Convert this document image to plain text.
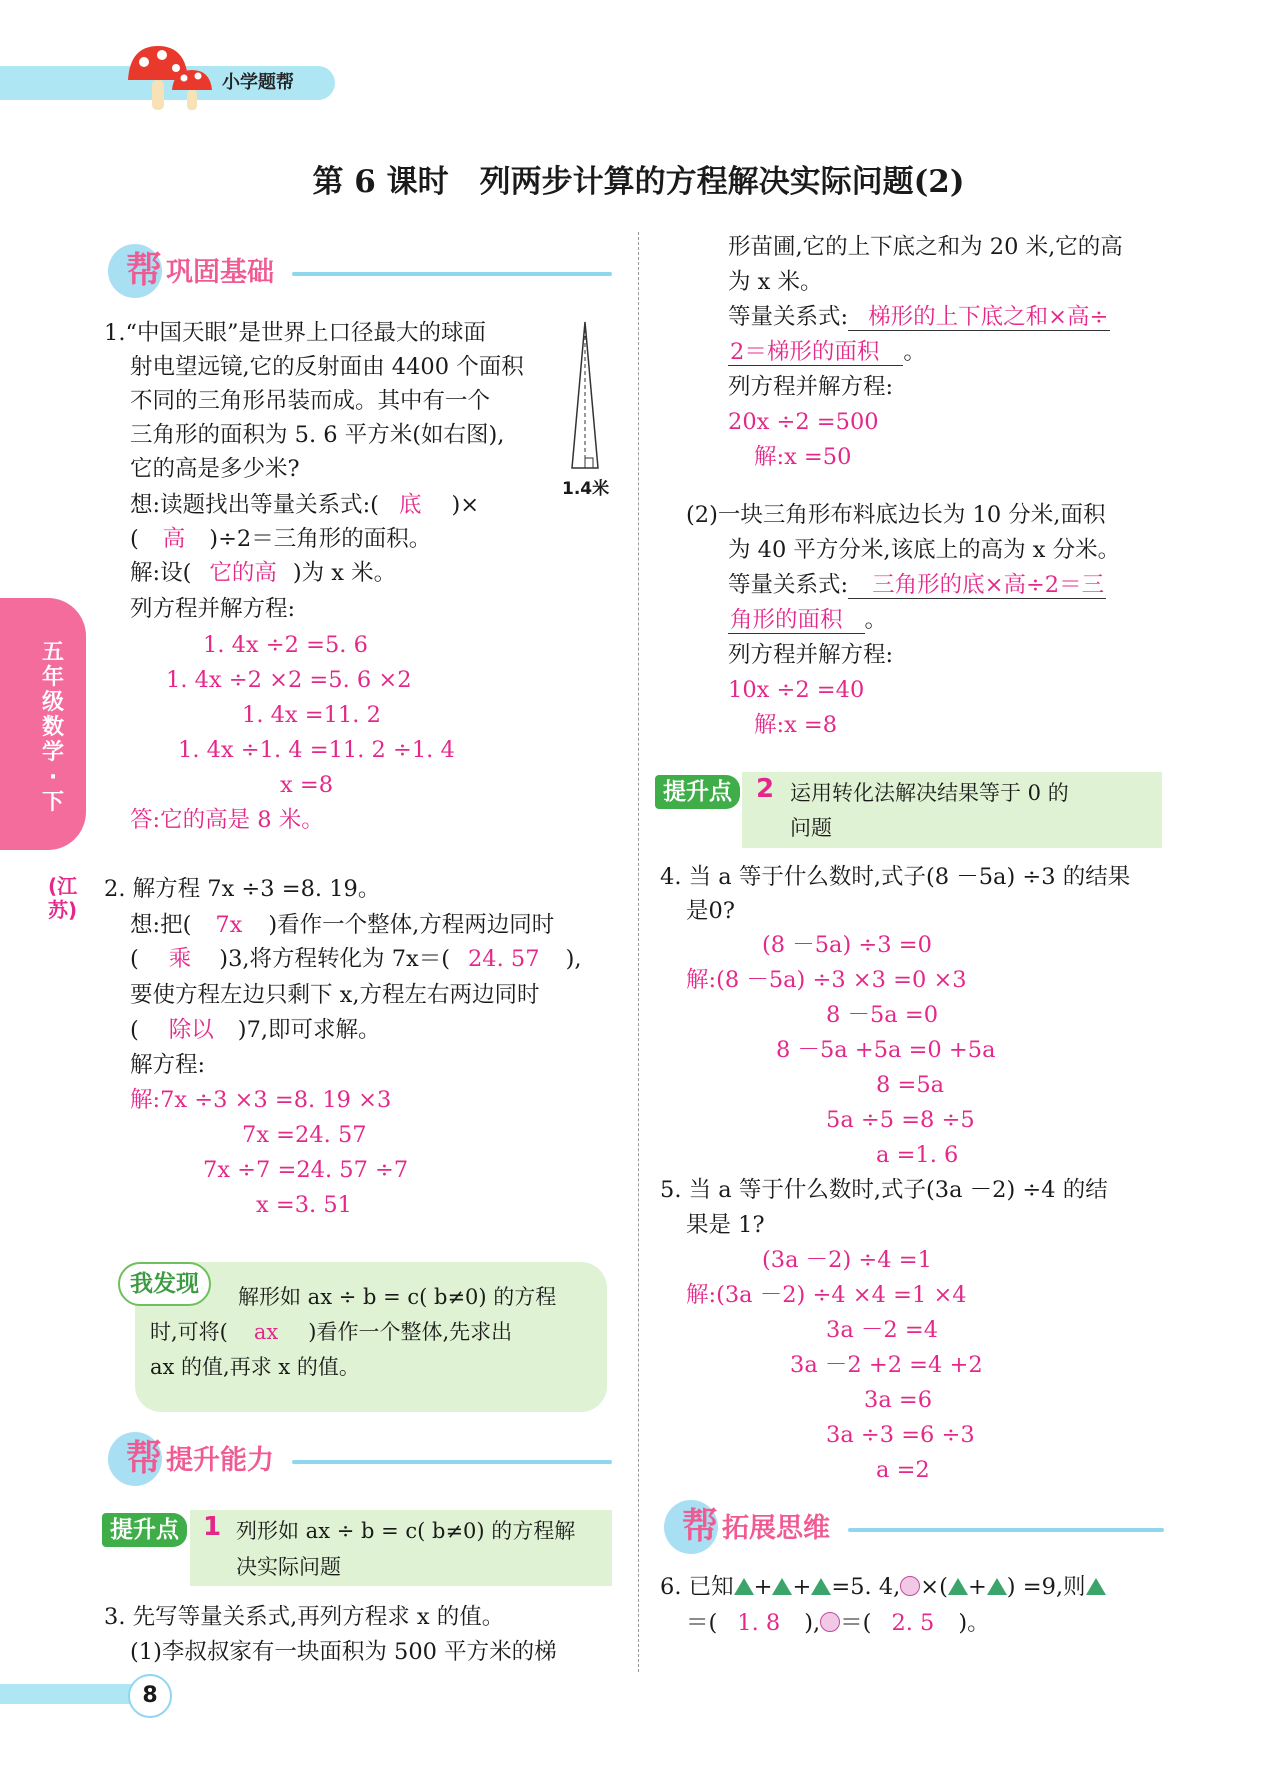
小学题帮
第 6 课时　列两步计算的方程解决实际问题(2)
五年级数学·下
(江苏)
帮 巩固基础
1.“中国天眼”是世界上口径最大的球面
射电望远镜,它的反射面由 4400 个面积
不同的三角形吊装而成。其中有一个
三角形的面积为 5. 6 平方米(如右图),
它的高是多少米?
1.4米
想:读题找出等量关系式:( 底 )×
( 高 )÷2＝三角形的面积。
解:设( 它的高 )为 x 米。
列方程并解方程:
1. 4x ÷2 =5. 6
1. 4x ÷2 ×2 =5. 6 ×2
1. 4x =11. 2
1. 4x ÷1. 4 =11. 2 ÷1. 4
x =8
答:它的高是 8 米。
2. 解方程 7x ÷3 =8. 19。
想:把( 7x )看作一个整体,方程两边同时
( 乘 )3,将方程转化为 7x＝( 24. 57 ),
要使方程左边只剩下 x,方程左右两边同时
( 除以 )7,即可求解。
解方程:
解:7x ÷3 ×3 =8. 19 ×3
7x =24. 57
7x ÷7 =24. 57 ÷7
x =3. 51
我发现	解形如 ax ÷ b = c( b≠0) 的方程
时,可将( ax )看作一个整体,先求出
ax 的值,再求 x 的值。
帮 提升能力
提升点 1 列形如 ax ÷ b = c( b≠0) 的方程解
决实际问题
3. 先写等量关系式,再列方程求 x 的值。
(1)李叔叔家有一块面积为 500 平方米的梯
形苗圃,它的上下底之和为 20 米,它的高
为 x 米。
等量关系式: 梯形的上下底之和×高÷
2＝梯形的面积 。
列方程并解方程:
20x ÷2 =500
解:x =50
(2)一块三角形布料底边长为 10 分米,面积
为 40 平方分米,该底上的高为 x 分米。
等量关系式: 三角形的底×高÷2＝三
角形的面积 。
列方程并解方程:
10x ÷2 =40
解:x =8
提升点 2 运用转化法解决结果等于 0 的
问题
4. 当 a 等于什么数时,式子(8 －5a) ÷3 的结果
是0?
(8 －5a) ÷3 =0
解:(8 －5a) ÷3 ×3 =0 ×3
8 －5a =0
8 －5a +5a =0 +5a
8 =5a
5a ÷5 =8 ÷5
a =1. 6
5. 当 a 等于什么数时,式子(3a －2) ÷4 的结
果是 1?
(3a －2) ÷4 =1
解:(3a －2) ÷4 ×4 =1 ×4
3a －2 =4
3a －2 +2 =4 +2
3a =6
3a ÷3 =6 ÷3
a =2
帮 拓展思维
6. 已知 + + =5. 4, ×( + ) =9,则
＝( 1. 8 ), ＝( 2. 5 )。
8
